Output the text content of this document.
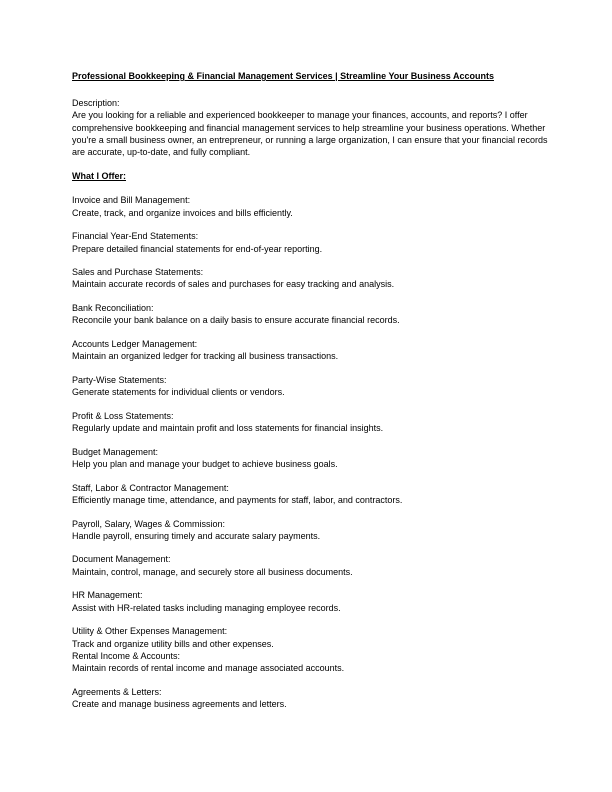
Professional Bookkeeping & Financial Management Services | Streamline Your Business Accounts

Description:

Are you looking for a reliable and experienced bookkeeper to manage your finances, accounts, and reports? I offer comprehensive bookkeeping and financial management services to help streamline your business operations. Whether you're a small business owner, an entrepreneur, or running a large organization, I can ensure that your financial records are accurate, up-to-date, and fully compliant.

What I Offer:

Invoice and Bill Management:

Create, track, and organize invoices and bills efficiently.

Financial Year-End Statements:

Prepare detailed financial statements for end-of-year reporting.

Sales and Purchase Statements:

Maintain accurate records of sales and purchases for easy tracking and analysis.

Bank Reconciliation:

Reconcile your bank balance on a daily basis to ensure accurate financial records.

Accounts Ledger Management:

Maintain an organized ledger for tracking all business transactions.

Party-Wise Statements:

Generate statements for individual clients or vendors.

Profit & Loss Statements:

Regularly update and maintain profit and loss statements for financial insights.

Budget Management:

Help you plan and manage your budget to achieve business goals.

Staff, Labor & Contractor Management:

Efficiently manage time, attendance, and payments for staff, labor, and contractors.

Payroll, Salary, Wages & Commission:

Handle payroll, ensuring timely and accurate salary payments.

Document Management:

Maintain, control, manage, and securely store all business documents.

HR Management:

Assist with HR-related tasks including managing employee records.

Utility & Other Expenses Management:

Track and organize utility bills and other expenses.

Rental Income & Accounts:

Maintain records of rental income and manage associated accounts.

Agreements & Letters:

Create and manage business agreements and letters.
